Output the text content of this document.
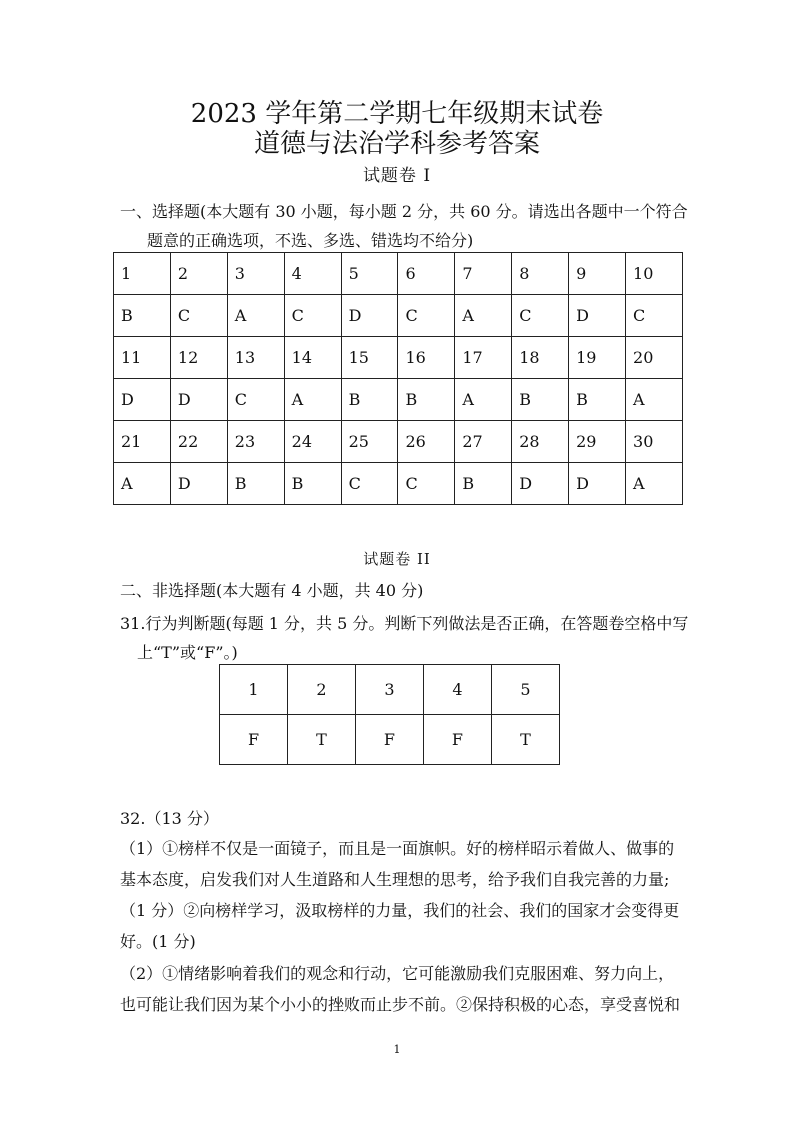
2023 学年第二学期七年级期末试卷
道德与法治学科参考答案
试题卷 I
一、选择题(本大题有 30 小题，每小题 2 分，共 60 分。请选出各题中一个符合
题意的正确选项，不选、多选、错选均不给分)
1	2	3	4	5	6	7	8	9	10
B	C	A	C	D	C	A	C	D	C
11	12	13	14	15	16	17	18	19	20
D	D	C	A	B	B	A	B	B	A
21	22	23	24	25	26	27	28	29	30
A	D	B	B	C	C	B	D	D	A
试题卷 II
二、非选择题(本大题有 4 小题，共 40 分)
31.行为判断题(每题 1 分，共 5 分。判断下列做法是否正确，在答题卷空格中写
上“T”或“F”。)
1	2	3	4	5
F	T	F	F	T
32.（13 分）
（1）①榜样不仅是一面镜子，而且是一面旗帜。好的榜样昭示着做人、做事的
基本态度，启发我们对人生道路和人生理想的思考，给予我们自我完善的力量;
（1 分）②向榜样学习，汲取榜样的力量，我们的社会、我们的国家才会变得更
好。(1 分)
（2）①情绪影响着我们的观念和行动，它可能激励我们克服困难、努力向上，
也可能让我们因为某个小小的挫败而止步不前。②保持积极的心态，享受喜悦和
1
